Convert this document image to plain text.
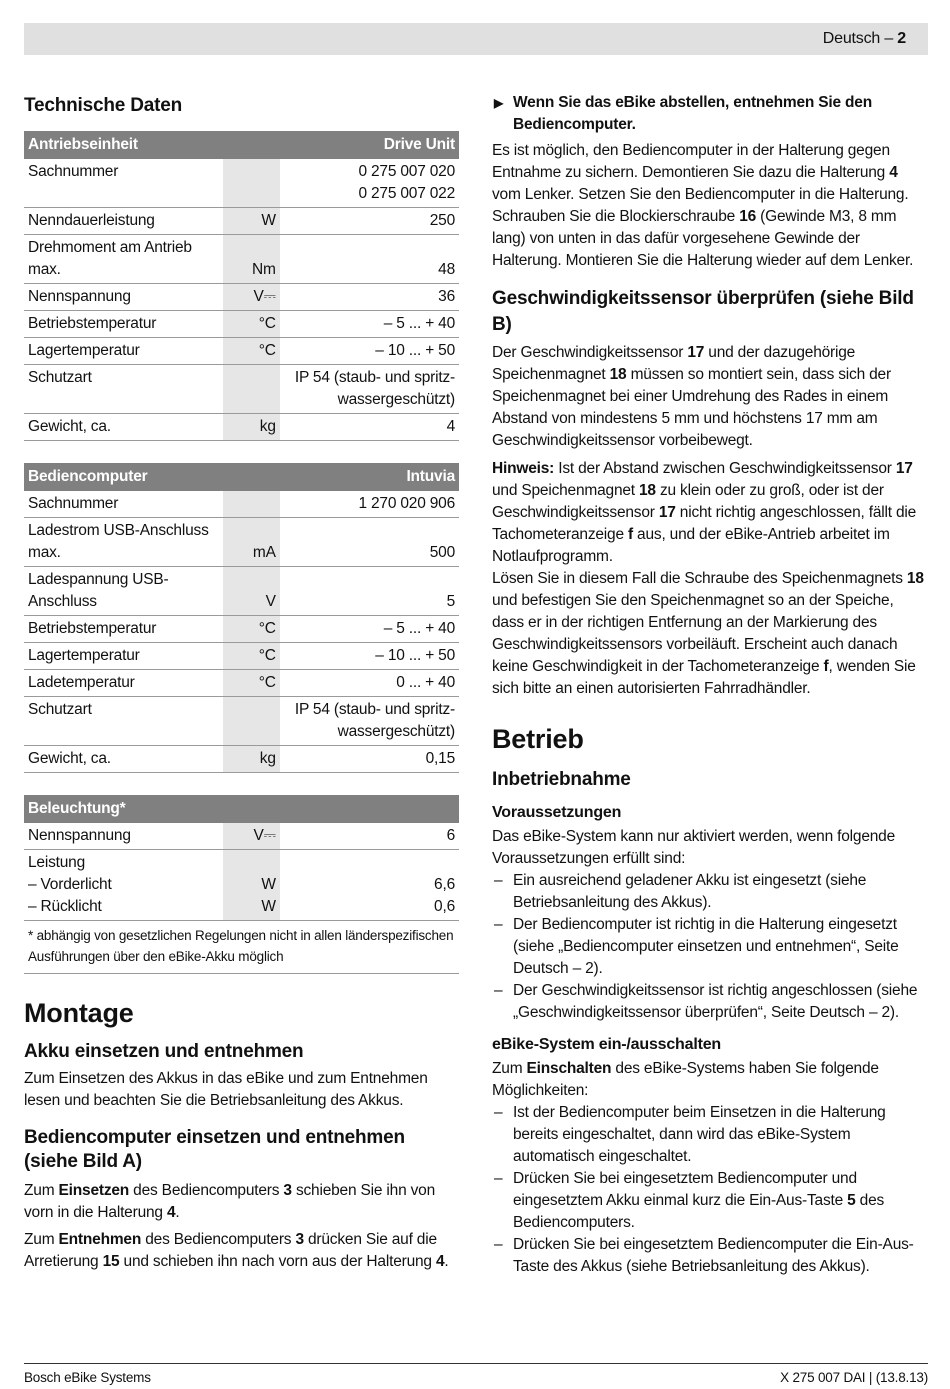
Deutsch – 2
Technische Daten
Antriebseinheit		Drive Unit
Sachnummer		0 275 007 020
0 275 007 022
Nenndauerleistung	W	250
Drehmoment am Antrieb max.	Nm	48
Nennspannung	V⎓	36
Betriebstemperatur	°C	– 5 ... + 40
Lagertemperatur	°C	– 10 ... + 50
Schutzart		IP 54 (staub- und spritz-
wassergeschützt)
Gewicht, ca.	kg	4
Bediencomputer		Intuvia
Sachnummer		1 270 020 906
Ladestrom USB-Anschluss max.	mA	500
Ladespannung USB-Anschluss	V	5
Betriebstemperatur	°C	– 5 ... + 40
Lagertemperatur	°C	– 10 ... + 50
Ladetemperatur	°C	0 ... + 40
Schutzart		IP 54 (staub- und spritz-
wassergeschützt)
Gewicht, ca.	kg	0,15
Beleuchtung*		
Nennspannung	V⎓	6
Leistung		
– Vorderlicht	W	6,6
– Rücklicht	W	0,6
* abhängig von gesetzlichen Regelungen nicht in allen länderspezifischen Ausführungen über den eBike-Akku möglich
Montage
Akku einsetzen und entnehmen

Zum Einsetzen des Akkus in das eBike und zum Entnehmen lesen und beachten Sie die Betriebsanleitung des Akkus.

Bediencomputer einsetzen und entnehmen (siehe Bild A)

Zum Einsetzen des Bediencomputers 3 schieben Sie ihn von vorn in die Halterung 4.

Zum Entnehmen des Bediencomputers 3 drücken Sie auf die Arretierung 15 und schieben ihn nach vorn aus der Halterung 4.

▶ Wenn Sie das eBike abstellen, entnehmen Sie den Bediencomputer.

Es ist möglich, den Bediencomputer in der Halterung gegen Entnahme zu sichern. Demontieren Sie dazu die Halterung 4 vom Lenker. Setzen Sie den Bediencomputer in die Halterung. Schrauben Sie die Blockierschraube 16 (Gewinde M3, 8 mm lang) von unten in das dafür vorgesehene Gewinde der Halterung. Montieren Sie die Halterung wieder auf dem Lenker.

Geschwindigkeitssensor überprüfen (siehe Bild B)

Der Geschwindigkeitssensor 17 und der dazugehörige Speichenmagnet 18 müssen so montiert sein, dass sich der Speichenmagnet bei einer Umdrehung des Rades in einem Abstand von mindestens 5 mm und höchstens 17 mm am Geschwindigkeitssensor vorbeibewegt.

Hinweis: Ist der Abstand zwischen Geschwindigkeitssensor 17 und Speichenmagnet 18 zu klein oder zu groß, oder ist der Geschwindigkeitssensor 17 nicht richtig angeschlossen, fällt die Tachometeranzeige f aus, und der eBike-Antrieb arbeitet im Notlaufprogramm.

Lösen Sie in diesem Fall die Schraube des Speichenmagnets 18 und befestigen Sie den Speichenmagnet so an der Speiche, dass er in der richtigen Entfernung an der Markierung des Geschwindigkeitssensors vorbeiläuft. Erscheint auch danach keine Geschwindigkeit in der Tachometeranzeige f, wenden Sie sich bitte an einen autorisierten Fahrradhändler.

Betrieb
Inbetriebnahme
Voraussetzungen

Das eBike-System kann nur aktiviert werden, wenn folgende Voraussetzungen erfüllt sind:

– Ein ausreichend geladener Akku ist eingesetzt (siehe Betriebsanleitung des Akkus).
– Der Bediencomputer ist richtig in die Halterung eingesetzt (siehe „Bediencomputer einsetzen und entnehmen“, Seite Deutsch – 2).
– Der Geschwindigkeitssensor ist richtig angeschlossen (siehe „Geschwindigkeitssensor überprüfen“, Seite Deutsch – 2).
eBike-System ein-/ausschalten

Zum Einschalten des eBike-Systems haben Sie folgende Möglichkeiten:

– Ist der Bediencomputer beim Einsetzen in die Halterung bereits eingeschaltet, dann wird das eBike-System automatisch eingeschaltet.
– Drücken Sie bei eingesetztem Bediencomputer und eingesetztem Akku einmal kurz die Ein-Aus-Taste 5 des Bediencomputers.
– Drücken Sie bei eingesetztem Bediencomputer die Ein-Aus-Taste des Akkus (siehe Betriebsanleitung des Akkus).
Bosch eBike Systems	X 275 007 DAI | (13.8.13)
